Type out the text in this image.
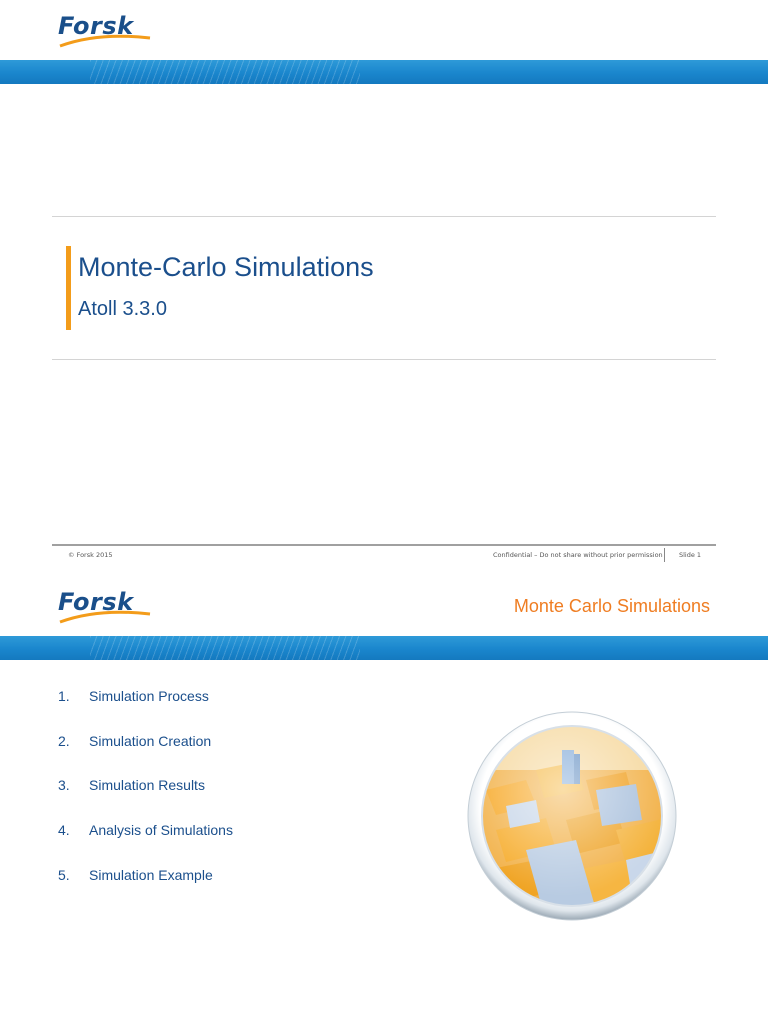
Forsk
Monte-Carlo Simulations
Atoll 3.3.0
© Forsk 2015	Confidential – Do not share without prior permission	Slide 1
Forsk	Monte Carlo Simulations
1. Simulation Process
2. Simulation Creation
3. Simulation Results
4. Analysis of Simulations
5. Simulation Example
